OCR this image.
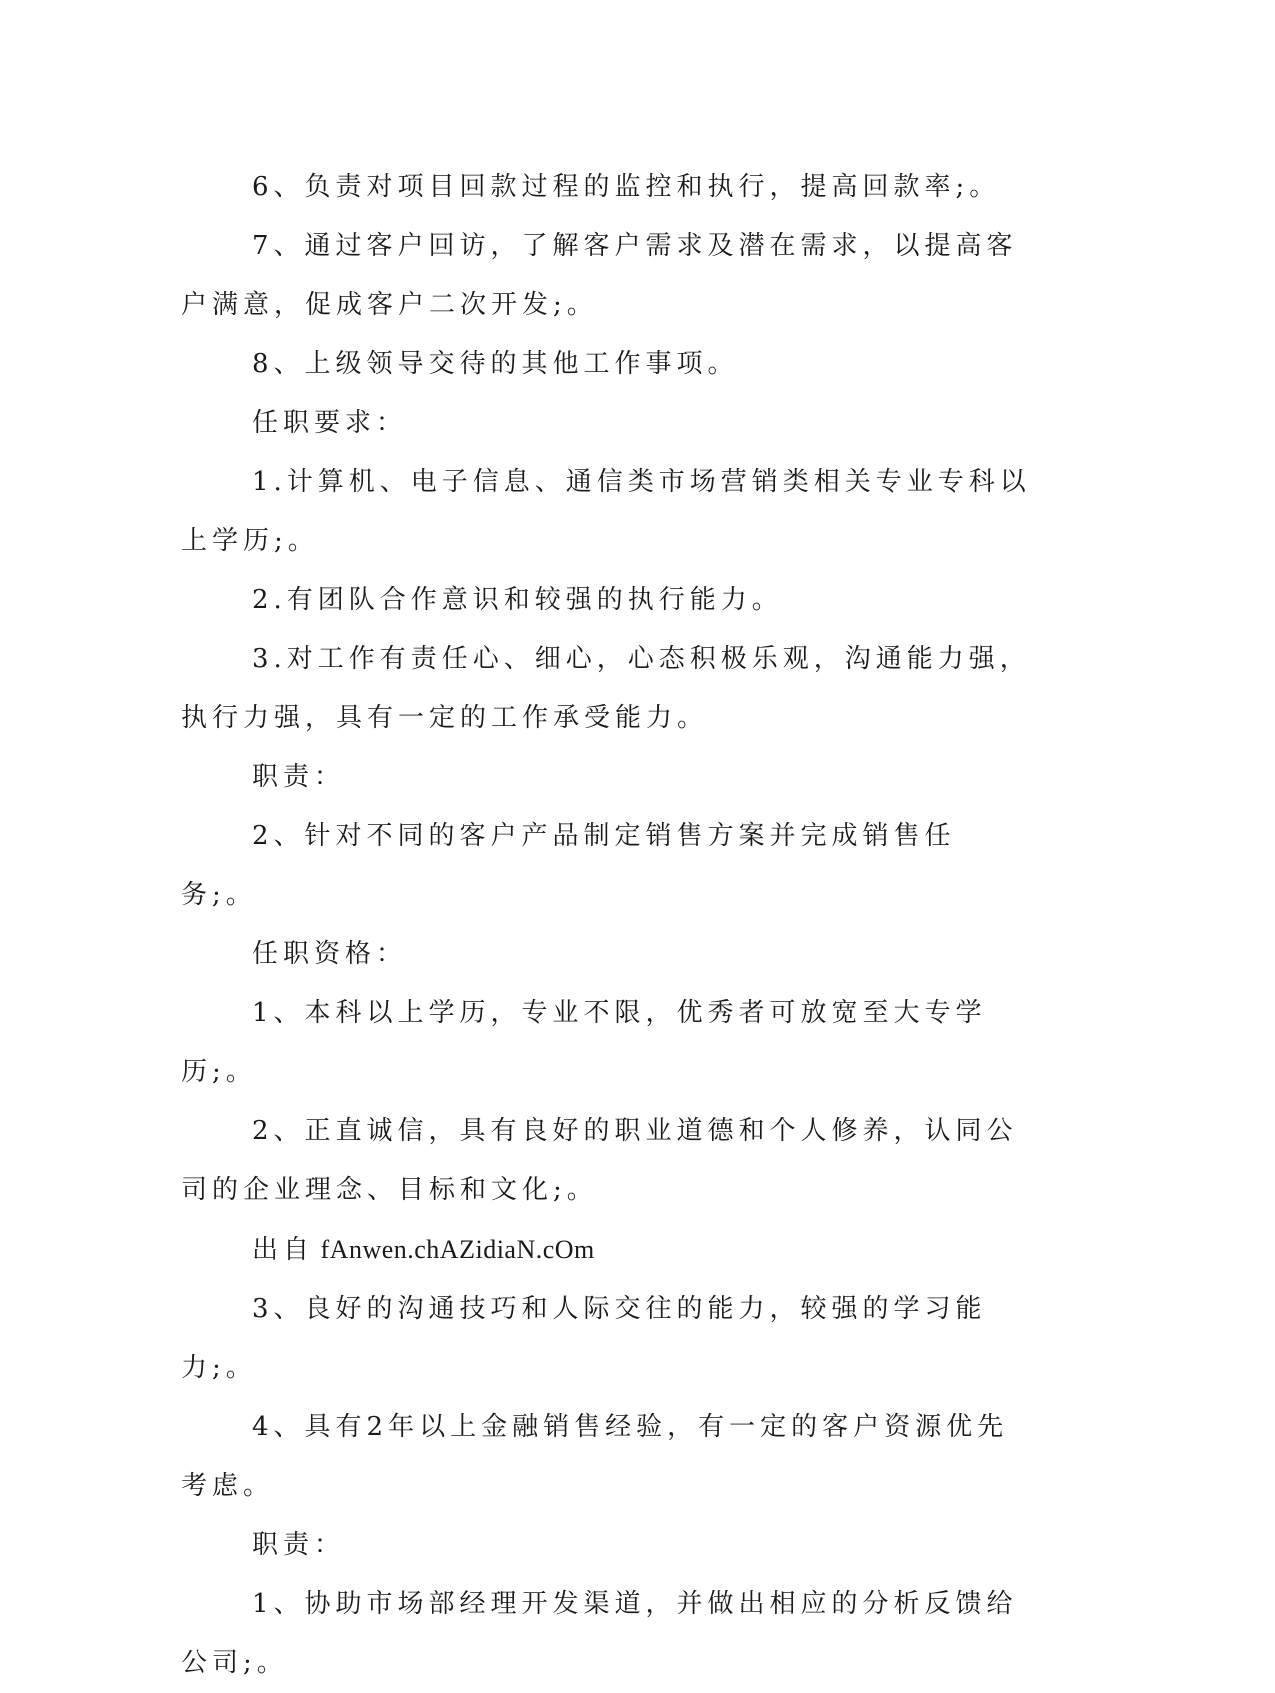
6、负责对项目回款过程的监控和执行，提高回款率;。

7、通过客户回访，了解客户需求及潜在需求，以提高客户满意，促成客户二次开发;。

8、上级领导交待的其他工作事项。

任职要求：

1.计算机、电子信息、通信类市场营销类相关专业专科以上学历;。

2.有团队合作意识和较强的执行能力。

3.对工作有责任心、细心，心态积极乐观，沟通能力强，执行力强，具有一定的工作承受能力。

职责：

2、针对不同的客户产品制定销售方案并完成销售任务;。

任职资格：

1、本科以上学历，专业不限，优秀者可放宽至大专学历;。

2、正直诚信，具有良好的职业道德和个人修养，认同公司的企业理念、目标和文化;。

出自 fAnwen.chAZidiaN.cOm

3、良好的沟通技巧和人际交往的能力，较强的学习能力;。

4、具有2年以上金融销售经验，有一定的客户资源优先考虑。

职责：

1、协助市场部经理开发渠道，并做出相应的分析反馈给公司;。
